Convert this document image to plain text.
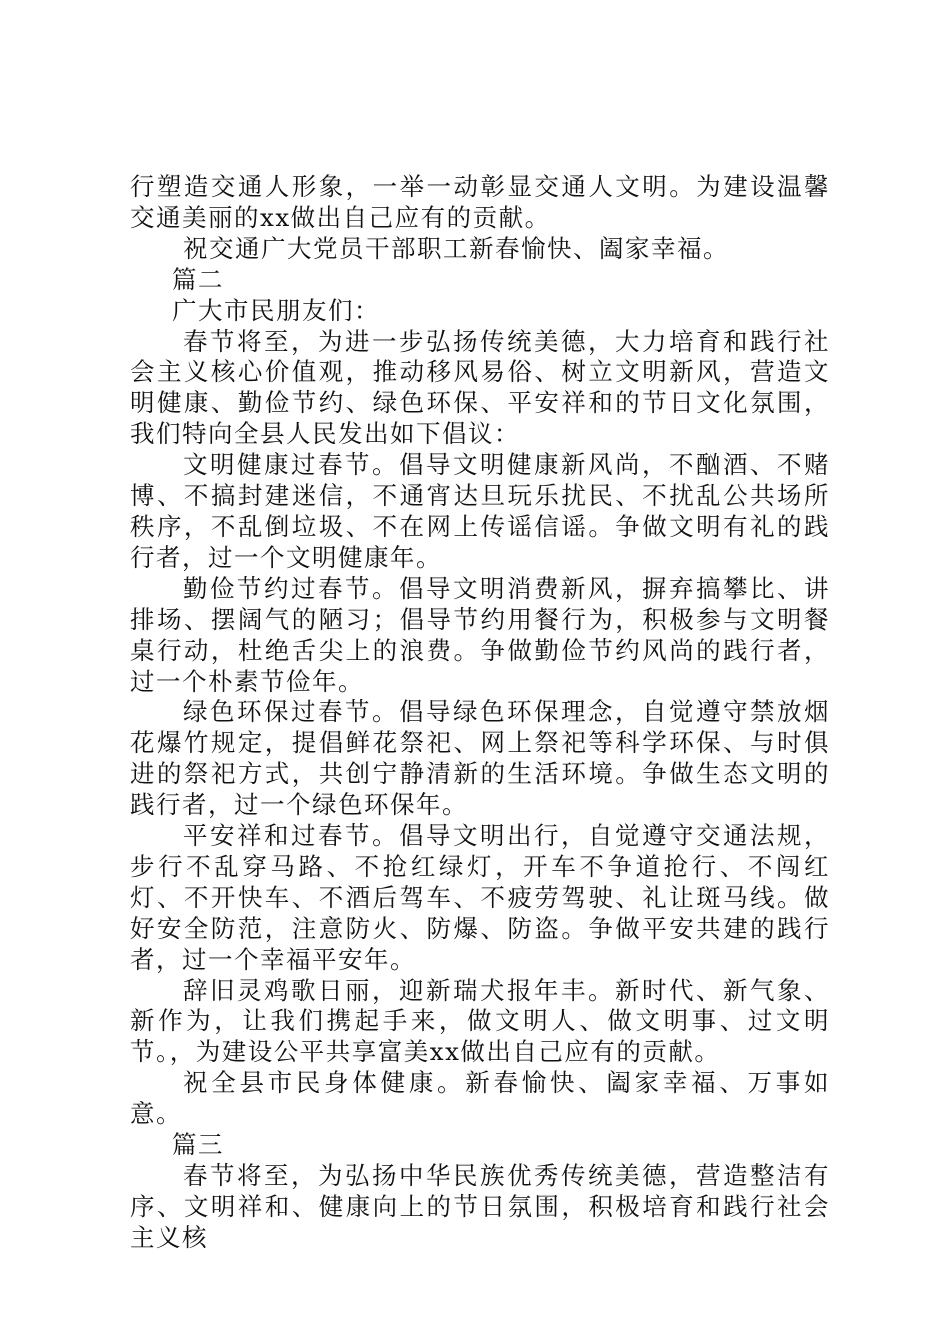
行塑造交通人形象，一举一动彰显交通人文明。为建设温馨交通美丽的xx做出自己应有的贡献。

祝交通广大党员干部职工新春愉快、阖家幸福。

篇二

广大市民朋友们：

春节将至，为进一步弘扬传统美德，大力培育和践行社会主义核心价值观，推动移风易俗、树立文明新风，营造文明健康、勤俭节约、绿色环保、平安祥和的节日文化氛围，我们特向全县人民发出如下倡议：

文明健康过春节。倡导文明健康新风尚，不酗酒、不赌博、不搞封建迷信，不通宵达旦玩乐扰民、不扰乱公共场所秩序，不乱倒垃圾、不在网上传谣信谣。争做文明有礼的践行者，过一个文明健康年。

勤俭节约过春节。倡导文明消费新风，摒弃搞攀比、讲排场、摆阔气的陋习；倡导节约用餐行为，积极参与文明餐桌行动，杜绝舌尖上的浪费。争做勤俭节约风尚的践行者，过一个朴素节俭年。

绿色环保过春节。倡导绿色环保理念，自觉遵守禁放烟花爆竹规定，提倡鲜花祭祀、网上祭祀等科学环保、与时俱进的祭祀方式，共创宁静清新的生活环境。争做生态文明的践行者，过一个绿色环保年。

平安祥和过春节。倡导文明出行，自觉遵守交通法规，步行不乱穿马路、不抢红绿灯，开车不争道抢行、不闯红灯、不开快车、不酒后驾车、不疲劳驾驶、礼让斑马线。做好安全防范，注意防火、防爆、防盗。争做平安共建的践行者，过一个幸福平安年。

辞旧灵鸡歌日丽，迎新瑞犬报年丰。新时代、新气象、新作为，让我们携起手来，做文明人、做文明事、过文明节。，为建设公平共享富美xx做出自己应有的贡献。

祝全县市民身体健康。新春愉快、阖家幸福、万事如意。

篇三

春节将至，为弘扬中华民族优秀传统美德，营造整洁有序、文明祥和、健康向上的节日氛围，积极培育和践行社会主义核
